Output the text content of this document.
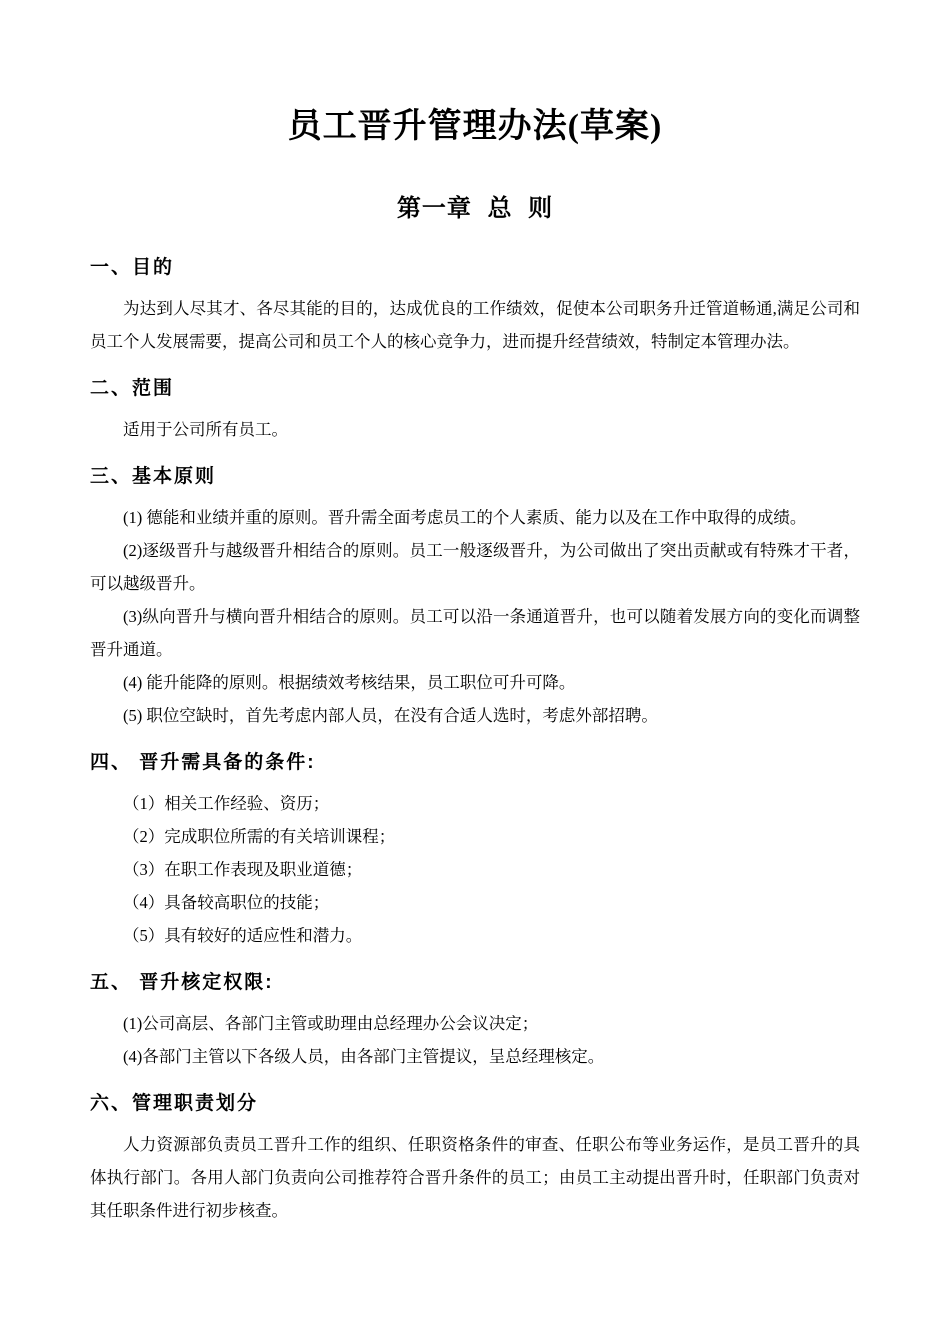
员工晋升管理办法(草案)
第一章 总 则
一、目的

为达到人尽其才、各尽其能的目的，达成优良的工作绩效，促使本公司职务升迁管道畅通,满足公司和员工个人发展需要，提高公司和员工个人的核心竞争力，进而提升经营绩效，特制定本管理办法。

二、范围

适用于公司所有员工。

三、基本原则

(1) 德能和业绩并重的原则。晋升需全面考虑员工的个人素质、能力以及在工作中取得的成绩。

(2)逐级晋升与越级晋升相结合的原则。员工一般逐级晋升，为公司做出了突出贡献或有特殊才干者，可以越级晋升。

(3)纵向晋升与横向晋升相结合的原则。员工可以沿一条通道晋升，也可以随着发展方向的变化而调整晋升通道。

(4) 能升能降的原则。根据绩效考核结果，员工职位可升可降。

(5) 职位空缺时，首先考虑内部人员，在没有合适人选时，考虑外部招聘。

四、 晋升需具备的条件:

（1）相关工作经验、资历；

（2）完成职位所需的有关培训课程；

（3）在职工作表现及职业道德；

（4）具备较高职位的技能；

（5）具有较好的适应性和潜力。

五、 晋升核定权限:

(1)公司高层、各部门主管或助理由总经理办公会议决定；

(4)各部门主管以下各级人员，由各部门主管提议，呈总经理核定。

六、管理职责划分

人力资源部负责员工晋升工作的组织、任职资格条件的审查、任职公布等业务运作，是员工晋升的具体执行部门。各用人部门负责向公司推荐符合晋升条件的员工；由员工主动提出晋升时，任职部门负责对其任职条件进行初步核查。
